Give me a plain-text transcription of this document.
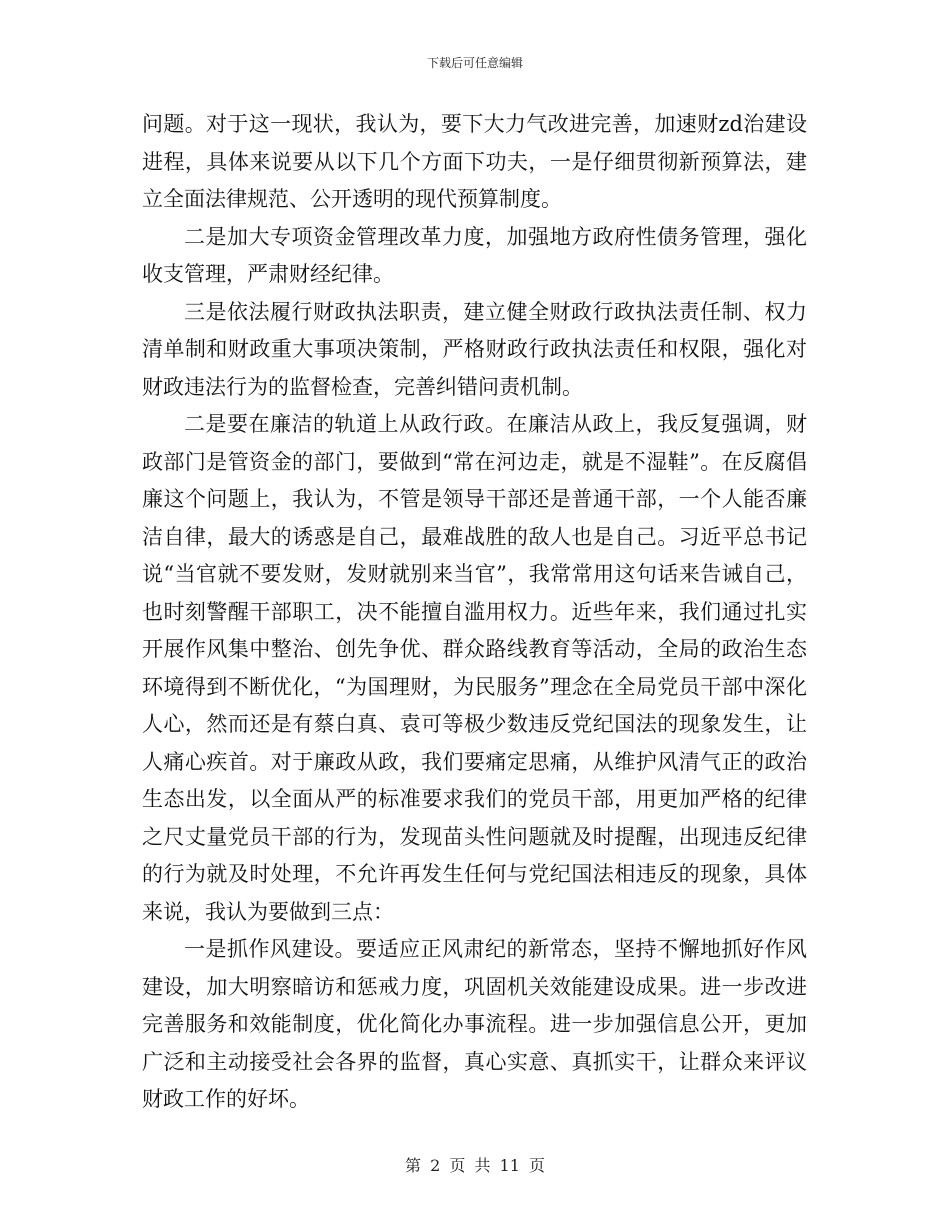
下载后可任意编辑

问题。对于这一现状，我认为，要下大力气改进完善，加速财zd治建设进程，具体来说要从以下几个方面下功夫，一是仔细贯彻新预算法，建立全面法律规范、公开透明的现代预算制度。

二是加大专项资金管理改革力度，加强地方政府性债务管理，强化收支管理，严肃财经纪律。

三是依法履行财政执法职责，建立健全财政行政执法责任制、权力清单制和财政重大事项决策制，严格财政行政执法责任和权限，强化对财政违法行为的监督检查，完善纠错问责机制。

二是要在廉洁的轨道上从政行政。在廉洁从政上，我反复强调，财政部门是管资金的部门，要做到“常在河边走，就是不湿鞋”。在反腐倡廉这个问题上，我认为，不管是领导干部还是普通干部，一个人能否廉洁自律，最大的诱惑是自己，最难战胜的敌人也是自己。习近平总书记说“当官就不要发财，发财就别来当官”，我常常用这句话来告诫自己，也时刻警醒干部职工，决不能擅自滥用权力。近些年来，我们通过扎实开展作风集中整治、创先争优、群众路线教育等活动，全局的政治生态环境得到不断优化，“为国理财，为民服务”理念在全局党员干部中深化人心，然而还是有蔡白真、袁可等极少数违反党纪国法的现象发生，让人痛心疾首。对于廉政从政，我们要痛定思痛，从维护风清气正的政治生态出发，以全面从严的标准要求我们的党员干部，用更加严格的纪律之尺丈量党员干部的行为，发现苗头性问题就及时提醒，出现违反纪律的行为就及时处理，不允许再发生任何与党纪国法相违反的现象，具体来说，我认为要做到三点：

一是抓作风建设。要适应正风肃纪的新常态，坚持不懈地抓好作风建设，加大明察暗访和惩戒力度，巩固机关效能建设成果。进一步改进完善服务和效能制度，优化简化办事流程。进一步加强信息公开，更加广泛和主动接受社会各界的监督，真心实意、真抓实干，让群众来评议财政工作的好坏。

第 2 页 共 11 页
